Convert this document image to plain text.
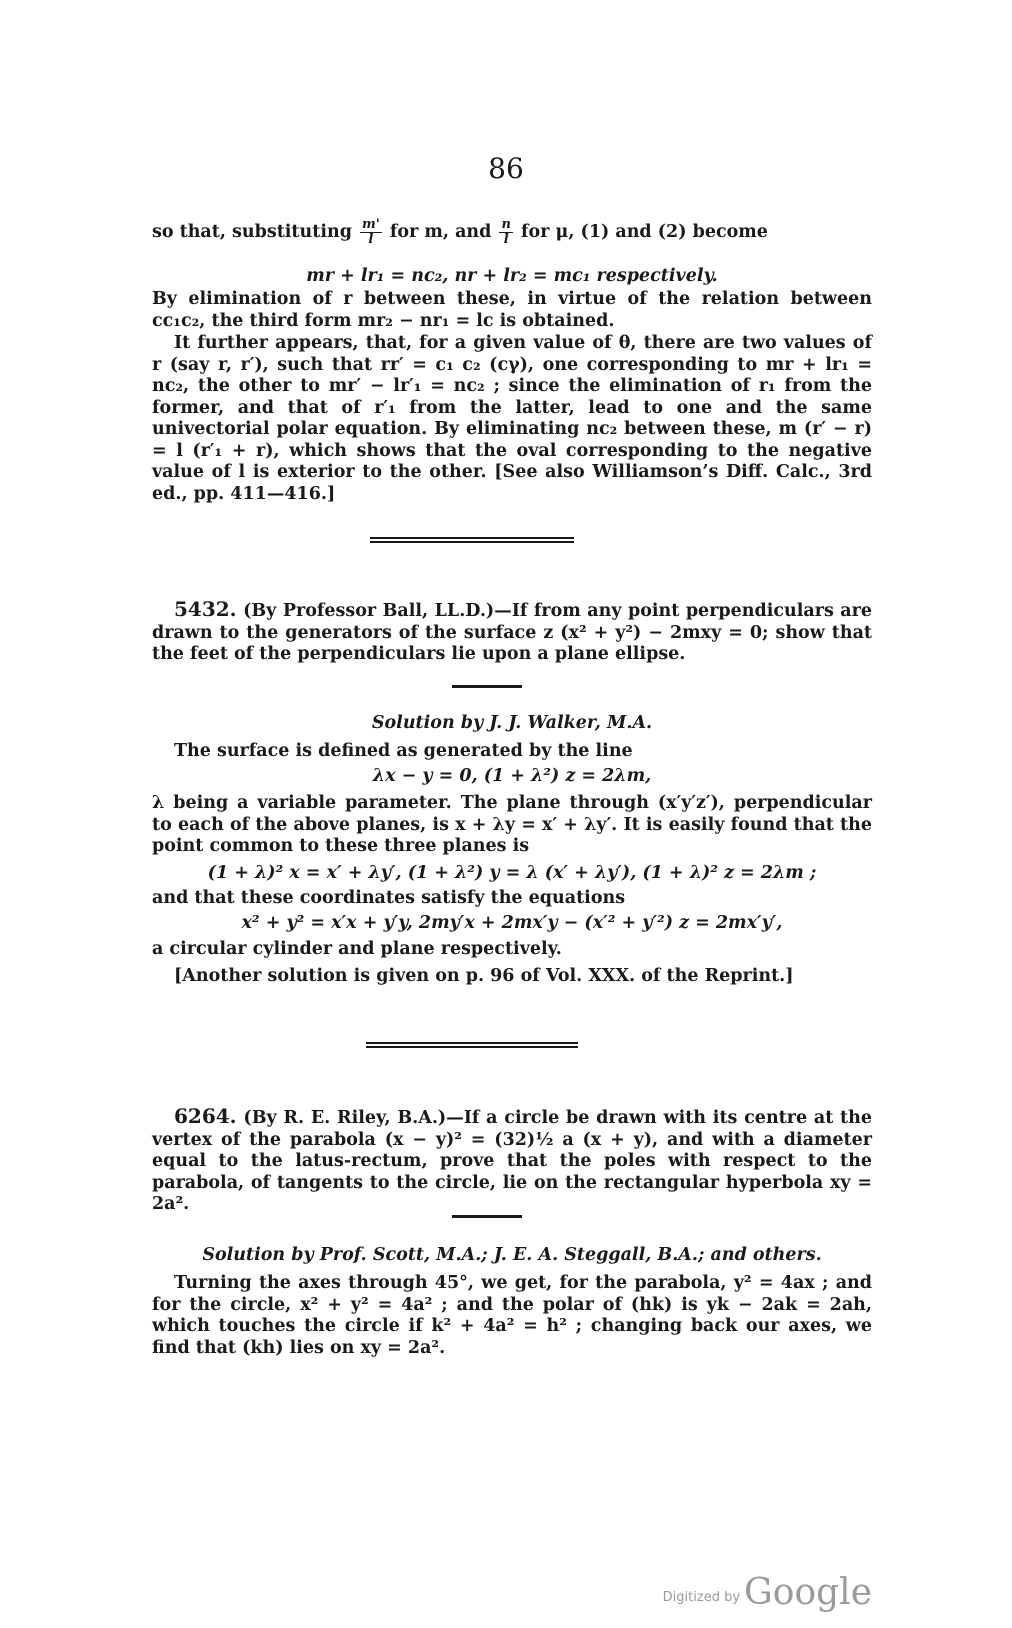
86
so that, substituting $\frac{m'}{l}$ for m, and $\frac{n}{l}$ for μ, (1) and (2) become
mr + lr₁ = nc₂, nr + lr₂ = mc₁ respectively.
By elimination of r between these, in virtue of the relation between cc₁c₂, the third form mr₂ − nr₁ = lc is obtained.
It further appears, that, for a given value of θ, there are two values of r (say r, r′), such that rr′ = c₁ c₂ (cγ), one corresponding to mr + lr₁ = nc₂, the other to mr′ − lr′₁ = nc₂ ; since the elimination of r₁ from the former, and that of r′₁ from the latter, lead to one and the same univectorial polar equation. By eliminating nc₂ between these, m (r′ − r) = l (r′₁ + r), which shows that the oval corresponding to the negative value of l is exterior to the other. [See also Williamson’s Diff. Calc., 3rd ed., pp. 411—416.]
5432. (By Professor Ball, LL.D.)—If from any point perpendiculars are drawn to the generators of the surface z (x² + y²) − 2mxy = 0; show that the feet of the perpendiculars lie upon a plane ellipse.
Solution by J. J. Walker, M.A.
The surface is defined as generated by the line
λx − y = 0, (1 + λ²) z = 2λm,
λ being a variable parameter. The plane through (x′y′z′), perpendicular to each of the above planes, is x + λy = x′ + λy′. It is easily found that the point common to these three planes is
(1 + λ)² x = x′ + λy′, (1 + λ²) y = λ (x′ + λy′), (1 + λ)² z = 2λm ;
and that these coordinates satisfy the equations
x² + y² = x′x + y′y, 2my′x + 2mx′y − (x′² + y′²) z = 2mx′y′,
a circular cylinder and plane respectively.
[Another solution is given on p. 96 of Vol. XXX. of the Reprint.]
6264. (By R. E. Riley, B.A.)—If a circle be drawn with its centre at the vertex of the parabola (x − y)² = (32)½ a (x + y), and with a diameter equal to the latus-rectum, prove that the poles with respect to the parabola, of tangents to the circle, lie on the rectangular hyperbola xy = 2a².
Solution by Prof. Scott, M.A.; J. E. A. Steggall, B.A.; and others.
Turning the axes through 45°, we get, for the parabola, y² = 4ax ; and for the circle, x² + y² = 4a² ; and the polar of (hk) is yk − 2ak = 2ah, which touches the circle if k² + 4a² = h² ; changing back our axes, we find that (kh) lies on xy = 2a².
Digitized by Google
